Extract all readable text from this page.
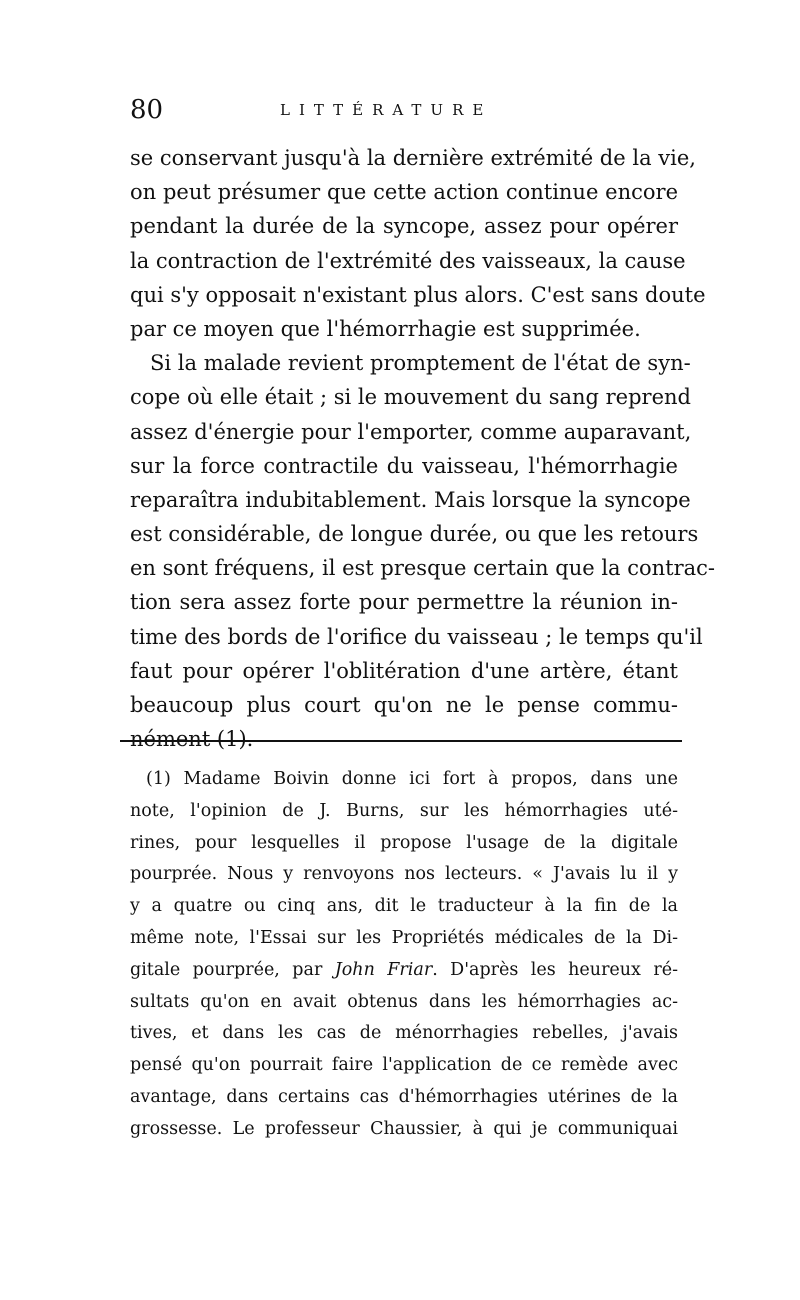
80	LITTÉRATURE
se conservant jusqu'à la dernière extrémité de la vie,
on peut présumer que cette action continue encore
pendant la durée de la syncope, assez pour opérer
la contraction de l'extrémité des vaisseaux, la cause
qui s'y opposait n'existant plus alors. C'est sans doute
par ce moyen que l'hémorrhagie est supprimée.
Si la malade revient promptement de l'état de syn-
cope où elle était ; si le mouvement du sang reprend
assez d'énergie pour l'emporter, comme auparavant,
sur la force contractile du vaisseau, l'hémorrhagie
reparaîtra indubitablement. Mais lorsque la syncope
est considérable, de longue durée, ou que les retours
en sont fréquens, il est presque certain que la contrac-
tion sera assez forte pour permettre la réunion in-
time des bords de l'orifice du vaisseau ; le temps qu'il
faut pour opérer l'oblitération d'une artère, étant
beaucoup plus court qu'on ne le pense commu-
nément (1).
(1) Madame Boivin donne ici fort à propos, dans une
note, l'opinion de J. Burns, sur les hémorrhagies uté-
rines, pour lesquelles il propose l'usage de la digitale
pourprée. Nous y renvoyons nos lecteurs. « J'avais lu il y
y a quatre ou cinq ans, dit le traducteur à la fin de la
même note, l'Essai sur les Propriétés médicales de la Di-
gitale pourprée, par John Friar. D'après les heureux ré-
sultats qu'on en avait obtenus dans les hémorrhagies ac-
tives, et dans les cas de ménorrhagies rebelles, j'avais
pensé qu'on pourrait faire l'application de ce remède avec
avantage, dans certains cas d'hémorrhagies utérines de la
grossesse. Le professeur Chaussier, à qui je communiquai
